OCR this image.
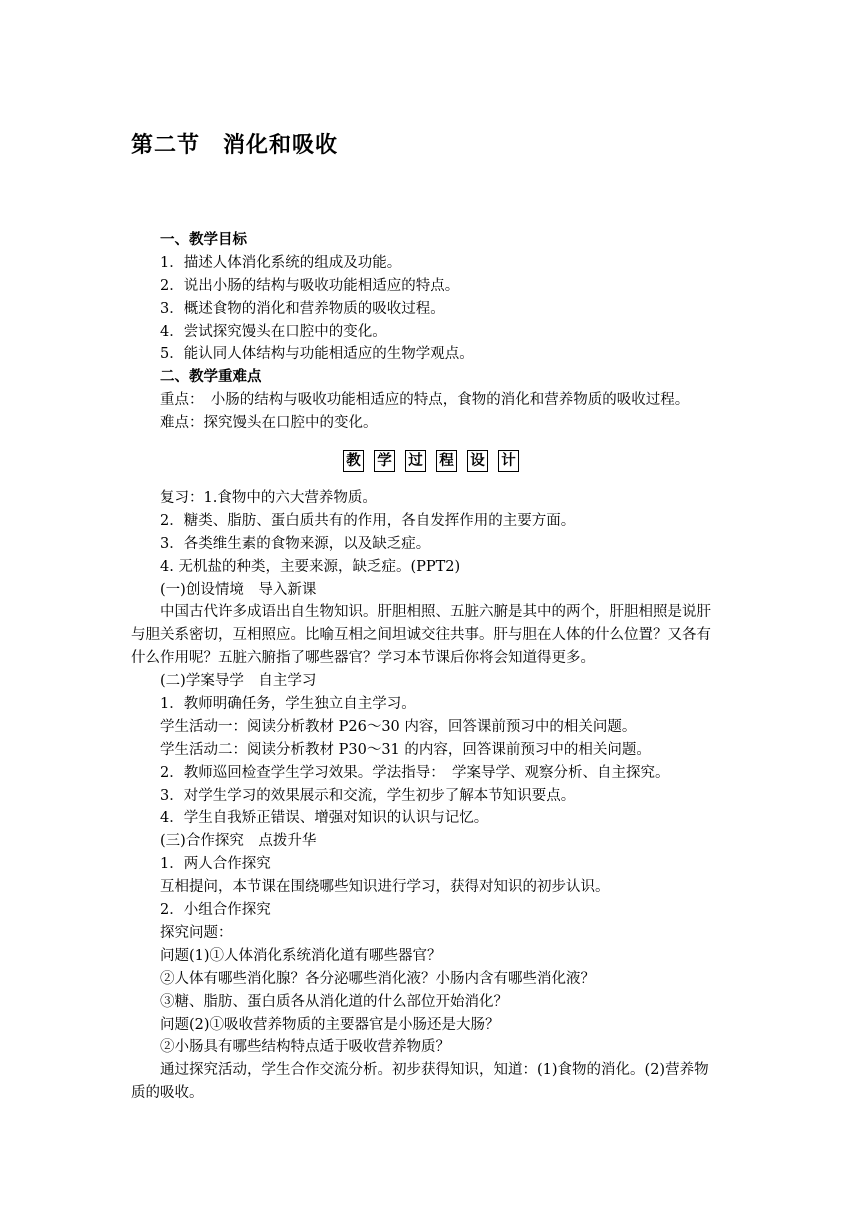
第二节　消化和吸收
一、教学目标
1．描述人体消化系统的组成及功能。
2．说出小肠的结构与吸收功能相适应的特点。
3．概述食物的消化和营养物质的吸收过程。
4．尝试探究馒头在口腔中的变化。
5．能认同人体结构与功能相适应的生物学观点。
二、教学重难点
重点：　小肠的结构与吸收功能相适应的特点，食物的消化和营养物质的吸收过程。
难点：探究馒头在口腔中的变化。
教 学 过 程 设 计
复习：1.食物中的六大营养物质。
2．糖类、脂肪、蛋白质共有的作用，各自发挥作用的主要方面。
3．各类维生素的食物来源，以及缺乏症。
4. 无机盐的种类，主要来源，缺乏症。(PPT2)
(一)创设情境　导入新课
中国古代许多成语出自生物知识。肝胆相照、五脏六腑是其中的两个，肝胆相照是说肝
与胆关系密切，互相照应。比喻互相之间坦诚交往共事。肝与胆在人体的什么位置？又各有
什么作用呢？五脏六腑指了哪些器官？学习本节课后你将会知道得更多。
(二)学案导学　自主学习
1．教师明确任务，学生独立自主学习。
学生活动一：阅读分析教材 P26～30 内容，回答课前预习中的相关问题。
学生活动二：阅读分析教材 P30～31 的内容，回答课前预习中的相关问题。
2．教师巡回检查学生学习效果。学法指导：　学案导学、观察分析、自主探究。
3．对学生学习的效果展示和交流，学生初步了解本节知识要点。
4．学生自我矫正错误、增强对知识的认识与记忆。
(三)合作探究　点拨升华
1．两人合作探究
互相提问，本节课在围绕哪些知识进行学习，获得对知识的初步认识。
2．小组合作探究
探究问题：
问题(1)①人体消化系统消化道有哪些器官？
②人体有哪些消化腺？各分泌哪些消化液？小肠内含有哪些消化液？
③糖、脂肪、蛋白质各从消化道的什么部位开始消化？
问题(2)①吸收营养物质的主要器官是小肠还是大肠？
②小肠具有哪些结构特点适于吸收营养物质？
通过探究活动，学生合作交流分析。初步获得知识，知道：(1)食物的消化。(2)营养物
质的吸收。
